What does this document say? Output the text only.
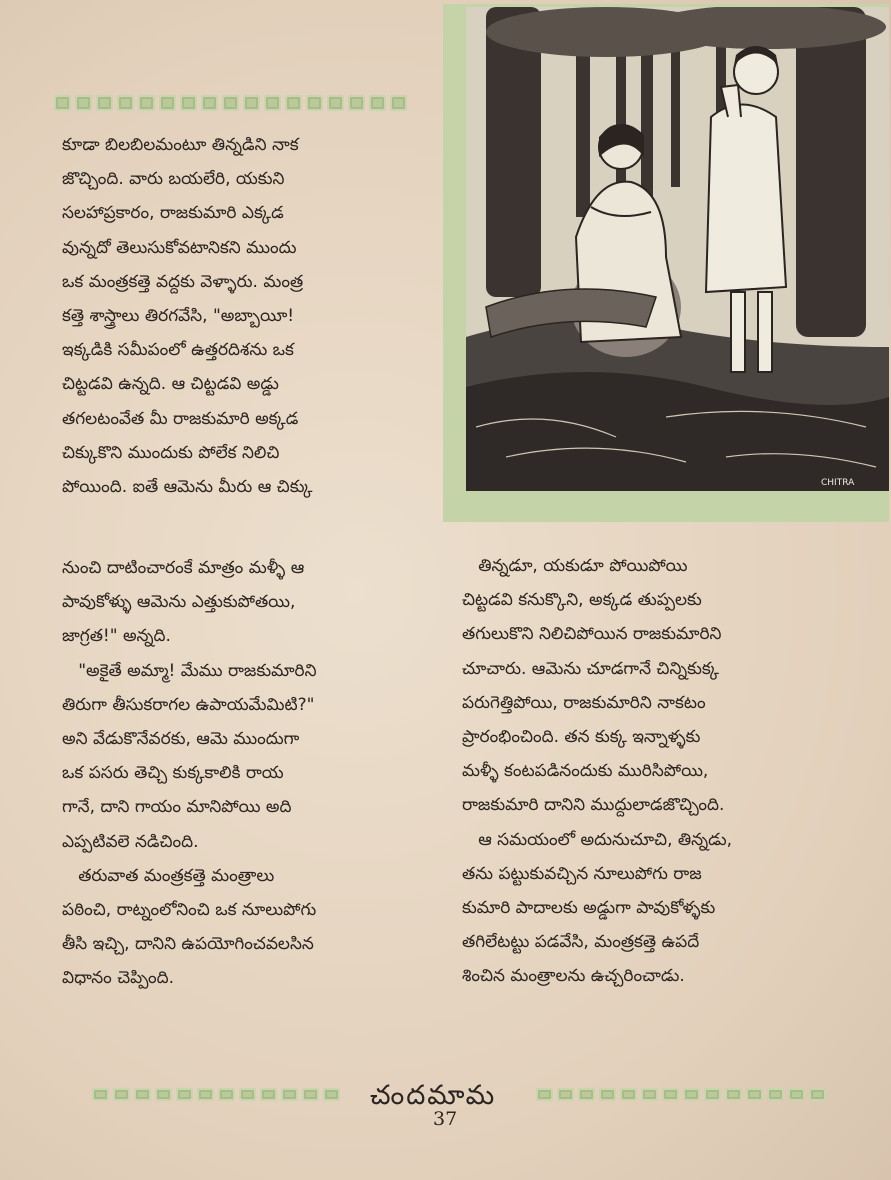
CHITRA

కూడా బిలబిలమంటూ తిన్నడిని నాక

జొచ్చింది. వారు బయలేరి, యకుని

సలహాప్రకారం, రాజకుమారి ఎక్కడ

వున్నదో తెలుసుకోవటానికని ముందు

ఒక మంత్రకత్తె వద్దకు వెళ్ళారు. మంత్ర

కత్తె శాస్త్రాలు తిరగవేసి, "అబ్బాయీ!

ఇక్కడికి సమీపంలో ఉత్తరదిశను ఒక

చిట్టడవి ఉన్నది. ఆ చిట్టడవి అడ్డు

తగలటంవేత మీ రాజకుమారి అక్కడ

చిక్కుకొని ముందుకు పోలేక నిలిచి

పోయింది. ఐతే ఆమెను మీరు ఆ చిక్కు

నుంచి దాటించారంకే మాత్రం మళ్ళీ ఆ

పావుకోళ్ళు ఆమెను ఎత్తుకుపోతయి,

జాగ్రత!" అన్నది.

"అకైతే అమ్మా! మేము రాజకుమారిని

తిరుగా తీసుకరాగల ఉపాయమేమిటి?"

అని వేడుకొనేవరకు, ఆమె ముందుగా

ఒక పసరు తెచ్చి కుక్కకాలికి రాయ

గానే, దాని గాయం మానిపోయి అది

ఎప్పటివలె నడిచింది.

తరువాత మంత్రకత్తె మంత్రాలు

పఠించి, రాట్నంలోనించి ఒక నూలుపోగు

తీసి ఇచ్చి, దానిని ఉపయోగించవలసిన

విధానం చెప్పింది.

తిన్నడూ, యకుడూ పోయిపోయి

చిట్టడవి కనుక్కొని, అక్కడ తుప్పలకు

తగులుకొని నిలిచిపోయిన రాజకుమారిని

చూచారు. ఆమెను చూడగానే చిన్నికుక్క

పరుగెత్తిపోయి, రాజకుమారిని నాకటం

ప్రారంభించింది. తన కుక్క ఇన్నాళ్ళకు

మళ్ళీ కంటపడినందుకు మురిసిపోయి,

రాజకుమారి దానిని ముద్దులాడజొచ్చింది.

ఆ సమయంలో అదునుచూచి, తిన్నడు,

తను పట్టుకువచ్చిన నూలుపోగు రాజ

కుమారి పాదాలకు అడ్డుగా పావుకోళ్ళకు

తగిలేటట్టు పడవేసి, మంత్రకత్తె ఉపదే

శించిన మంత్రాలను ఉచ్చరించాడు.

చందమామ
37
